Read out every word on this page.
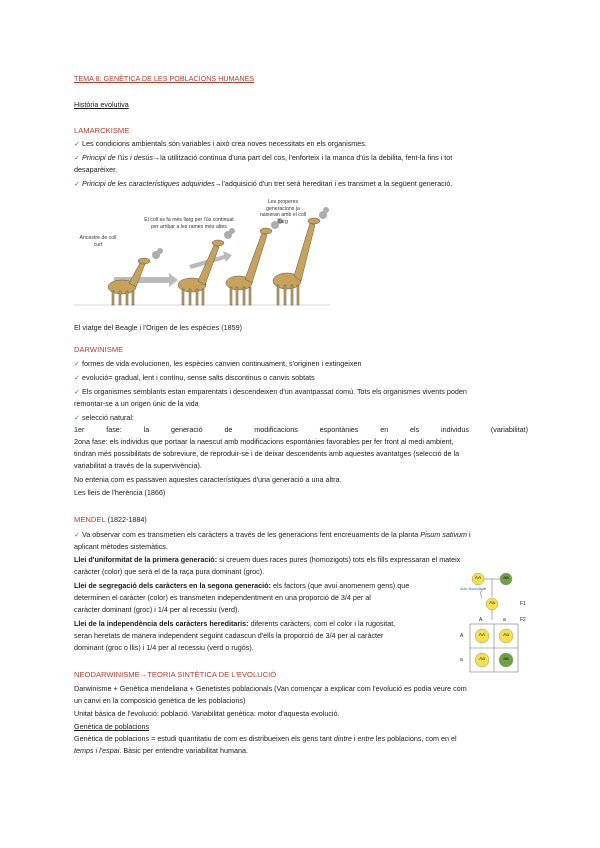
TEMA 8: GENÈTICA DE LES POBLACIONS HUMANES
Història evolutiva
LAMARCKISME
✓ Les condicions ambientals són variables i això crea noves necessitats en els organismes.
✓ Principi de l'ús i desús→la utilització continua d'una part del cos, l'enforteix i la manca d'ús la debilita, fent-la fins i tot
desaparèixer.
✓ Principi de les característiques adquirides→l'adquisició d'un tret serà hereditari i es transmet a la següent generació.
Ancestre de coll curt
El coll es fa més llarg per l'ús continuat per arribar a les rames més altes
Les properes generacions ja naixeran amb el coll llarg
El viatge del Beagle i l'Origen de les espècies (1859)
DARWINISME
✓ formes de vida evolucionen, les espècies canvien continuament, s'originen i extingeixen
✓ evolució= gradual, lent i contínu, sense salts discontinus o canvis sobtats
✓ Els organismes semblants estan emparentats i descendeixen d'un avantpassat comú. Tots els organismes vivents poden
remontar-se a un origen únic de la vida
✓ selecció natural:
1er fase: la generació de modificacions espontànies en els individus (variabilitat)
2ona fase: els individus que portaar la naescut amb modificacions espontànies favorables per fer front al medi ambient,
tindran més possibilitats de sobreviure, de reproduir-se i de deixar descendents amb aquestes avantatges (selecció de la
variabilitat a través de la supervivència).
No entenia com es passaven aquestes característiques d'una generació a una altra.
Les lleis de l'herència (1866)
MENDEL (1822-1884)
✓ Va observar com es transmetien els caràcters a través de les generacions fent encreuaments de la planta Pisum sativum i
aplicant mètodes sistemàtics.
Llei d'uniformitat de la primera generació: si creuem dues races pures (homozigots) tots els fills expressaran el mateix
caràcter (color) que serà el de la raça pura dominant (groc).
Llei de segregació dels caràcters en la segona generació: els factors (que avui anomenem gens) que
determinen el caràcter (color) es transmeten independentment en una proporció de 3/4 per al
caràcter dominant (groc) i 1/4 per al recessiu (verd).
Llei de la independència dels caràcters hereditaris: diferents caràcters, com el color i la rugositat,
seran heretats de manera independent seguint cadascun d'ells la proporció de 3/4 per al caràcter
dominant (groc o llis) i 1/4 per al recessiu (verd o rugós).
AA	aa
Auto-fecundació
Aa	F1
F2
A	a
A
a
AA	Aa
Aa	aa
NEODARWINISME→TEORIA SINTÈTICA DE L'EVOLUCIÓ
Darwinisme + Genètica mendeliana + Genetistes poblacionals (Van començar a explicar com l'evolució es podia veure com
un canvi en la composició genètica de les poblacions)
Unitat bàsica de l'evolució: població. Variabilitat genètica: motor d'aquesta evolució.
Genètica de poblacions
Genètica de poblacions = estudi quantitatiu de com es distribueixen els gens tant dintre i entre les poblacions, com en el
temps i l'espai. Bàsic per entendre variabilitat humana.
